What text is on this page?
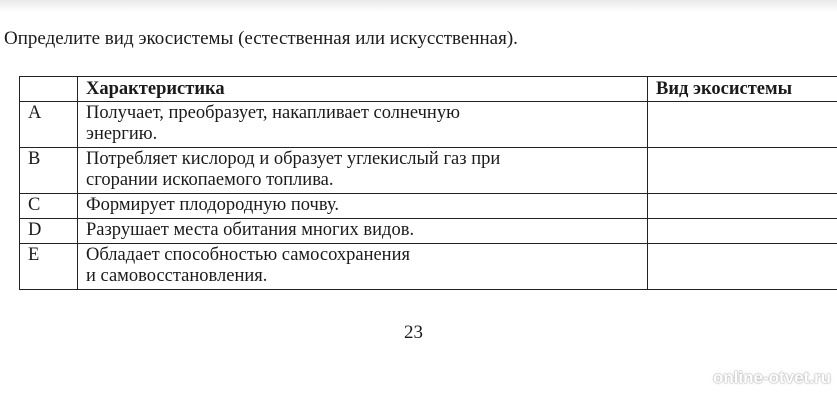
Определите вид экосистемы (естественная или искусственная).
	Характеристика	Вид экосистемы
А	Получает, преобразует, накапливает солнечную
энергию.	

В	Потребляет кислород и образует углекислый газ при
сгорании ископаемого топлива.	

С	Формирует плодородную почву.	

D	Разрушает места обитания многих видов.	

Е	Обладает способностью самосохранения
и самовосстановления.	

23
online-otvet.ru
